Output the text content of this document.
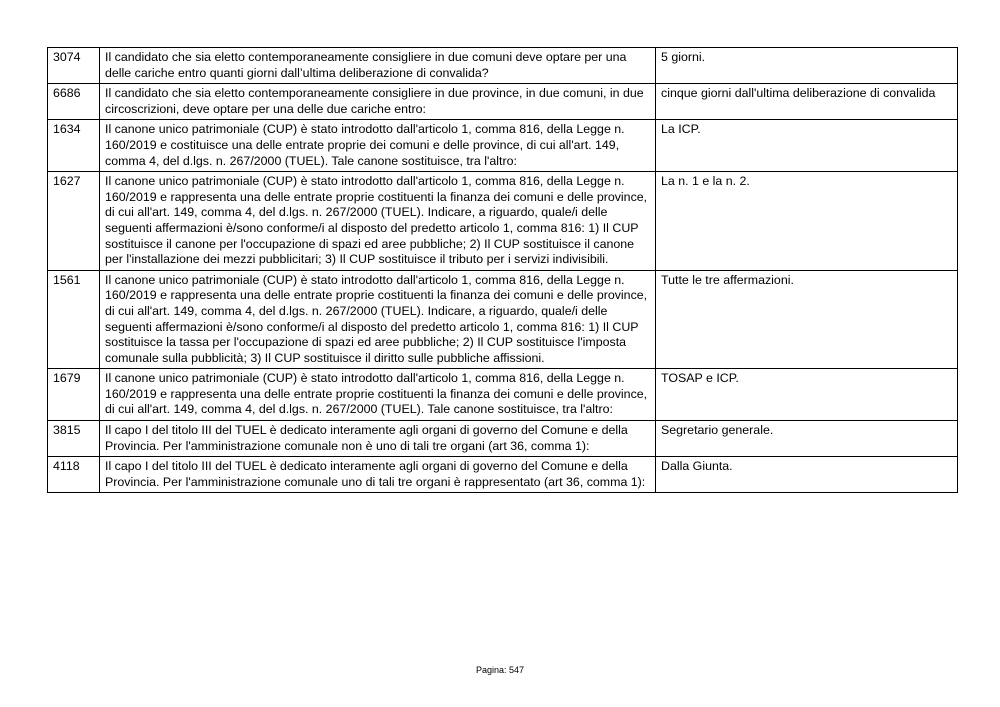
3074	Il candidato che sia eletto contemporaneamente consigliere in due comuni deve optare per una delle cariche entro quanti giorni dall’ultima deliberazione di convalida?	5 giorni.
6686	Il candidato che sia eletto contemporaneamente consigliere in due province, in due comuni, in due circoscrizioni, deve optare per una delle due cariche entro:	cinque giorni dall'ultima deliberazione di convalida
1634	Il canone unico patrimoniale (CUP) è stato introdotto dall'articolo 1, comma 816, della Legge n. 160/2019 e costituisce una delle entrate proprie dei comuni e delle province, di cui all'art. 149, comma 4, del d.lgs. n. 267/2000 (TUEL). Tale canone sostituisce, tra l'altro:	La ICP.
1627	Il canone unico patrimoniale (CUP) è stato introdotto dall'articolo 1, comma 816, della Legge n. 160/2019 e rappresenta una delle entrate proprie costituenti la finanza dei comuni e delle province, di cui all'art. 149, comma 4, del d.lgs. n. 267/2000 (TUEL). Indicare, a riguardo, quale/i delle seguenti affermazioni è/sono conforme/i al disposto del predetto articolo 1, comma 816: 1) Il CUP sostituisce il canone per l'occupazione di spazi ed aree pubbliche; 2) Il CUP sostituisce il canone per l'installazione dei mezzi pubblicitari; 3) Il CUP sostituisce il tributo per i servizi indivisibili.	La n. 1 e la n. 2.
1561	Il canone unico patrimoniale (CUP) è stato introdotto dall'articolo 1, comma 816, della Legge n. 160/2019 e rappresenta una delle entrate proprie costituenti la finanza dei comuni e delle province, di cui all'art. 149, comma 4, del d.lgs. n. 267/2000 (TUEL). Indicare, a riguardo, quale/i delle seguenti affermazioni è/sono conforme/i al disposto del predetto articolo 1, comma 816: 1) Il CUP sostituisce la tassa per l'occupazione di spazi ed aree pubbliche; 2) Il CUP sostituisce l'imposta comunale sulla pubblicità; 3) Il CUP sostituisce il diritto sulle pubbliche affissioni.	Tutte le tre affermazioni.
1679	Il canone unico patrimoniale (CUP) è stato introdotto dall'articolo 1, comma 816, della Legge n. 160/2019 e rappresenta una delle entrate proprie costituenti la finanza dei comuni e delle province, di cui all'art. 149, comma 4, del d.lgs. n. 267/2000 (TUEL). Tale canone sostituisce, tra l'altro:	TOSAP e ICP.
3815	Il capo I del titolo III del TUEL è dedicato interamente agli organi di governo del Comune e della Provincia. Per l'amministrazione comunale non è uno di tali tre organi (art 36, comma 1):	Segretario generale.
4118	Il capo I del titolo III del TUEL è dedicato interamente agli organi di governo del Comune e della Provincia. Per l'amministrazione comunale uno di tali tre organi è rappresentato (art 36, comma 1):	Dalla Giunta.
Pagina: 547
